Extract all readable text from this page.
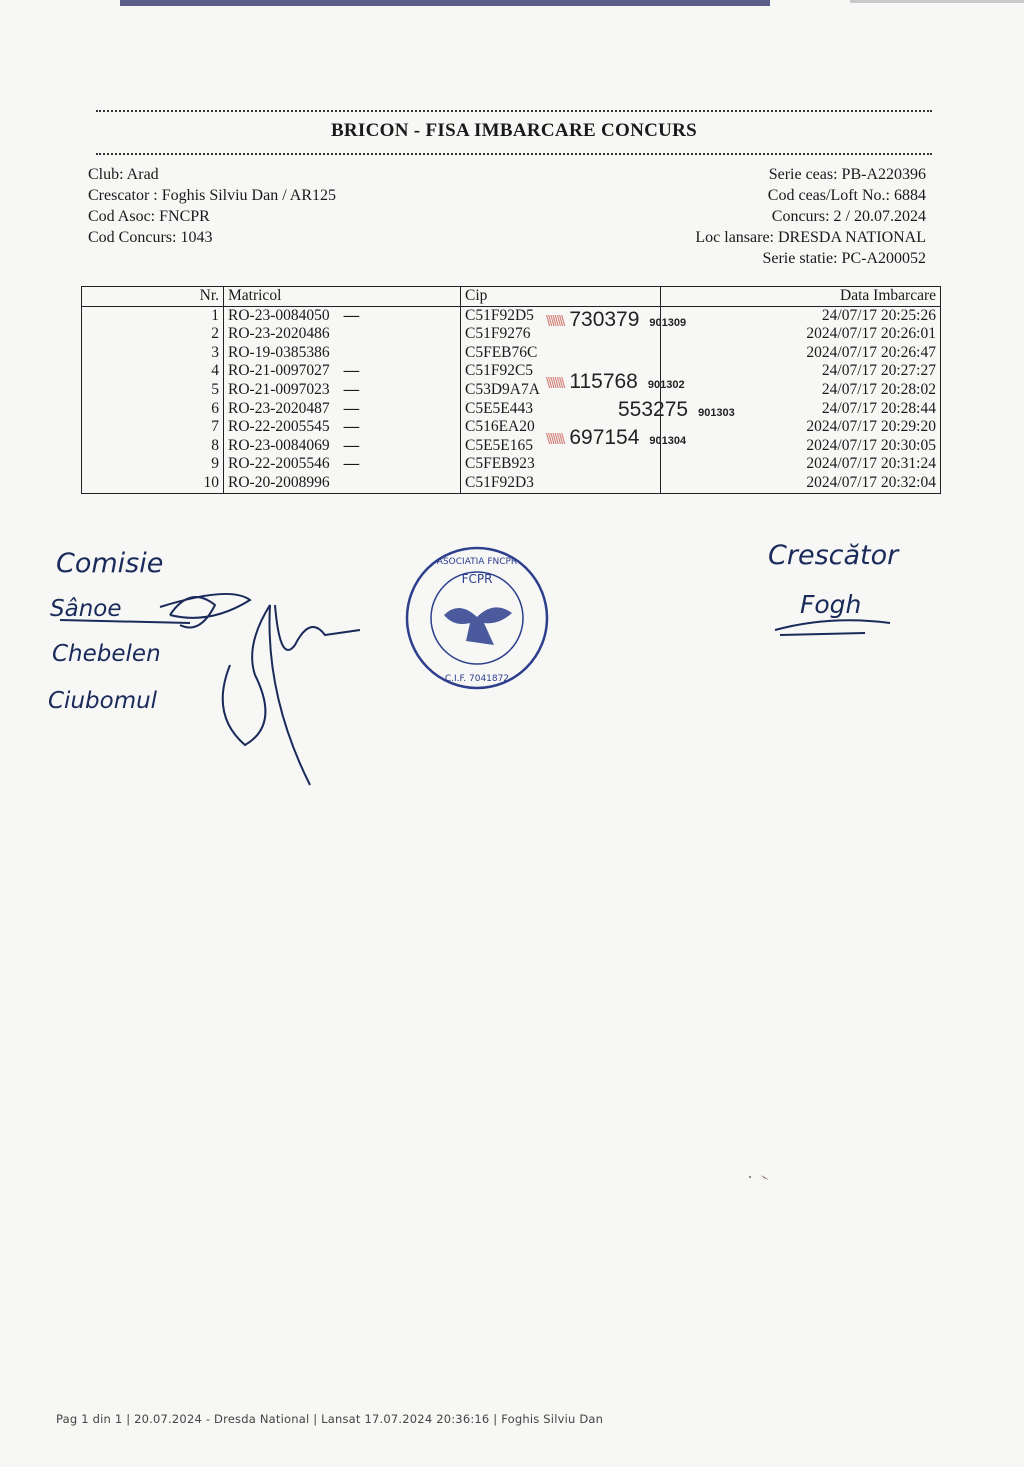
BRICON - FISA IMBARCARE CONCURS
Club: Arad
Crescator : Foghis Silviu Dan / AR125
Cod Asoc: FNCPR
Cod Concurs: 1043
Serie ceas: PB-A220396
Cod ceas/Loft No.: 6884
Concurs: 2 / 20.07.2024
Loc lansare: DRESDA NATIONAL
Serie statie: PC-A200052
Nr.	Matricol	Cip	Data Imbarcare
1	RO-23-0084050 —	C51F92D5	24/07/17 20:25:26
2	RO-23-2020486	C51F9276	2024/07/17 20:26:01
3	RO-19-0385386	C5FEB76C	2024/07/17 20:26:47
4	RO-21-0097027 —	C51F92C5	24/07/17 20:27:27
5	RO-21-0097023 —	C53D9A7A	24/07/17 20:28:02
6	RO-23-2020487 —	C5E5E443	24/07/17 20:28:44
7	RO-22-2005545 —	C516EA20	2024/07/17 20:29:20
8	RO-23-0084069 —	C5E5E165	2024/07/17 20:30:05
9	RO-22-2005546 —	C5FEB923	2024/07/17 20:31:24
10	RO-20-2008996	C51F92D3	2024/07/17 20:32:04
\\\\\\\\ 730379 901309
\\\\\\\\ 115768 901302
553275 901303
\\\\\\\\ 697154 901304
Comisie
Sânoe
Chebelen
Ciubomul
FCPR
ASOCIATIA FNCPR
C.I.F. 7041872
Crescător
Fogh
Pag 1 din 1 | 20.07.2024 - Dresda National | Lansat 17.07.2024 20:36:16 | Foghis Silviu Dan
